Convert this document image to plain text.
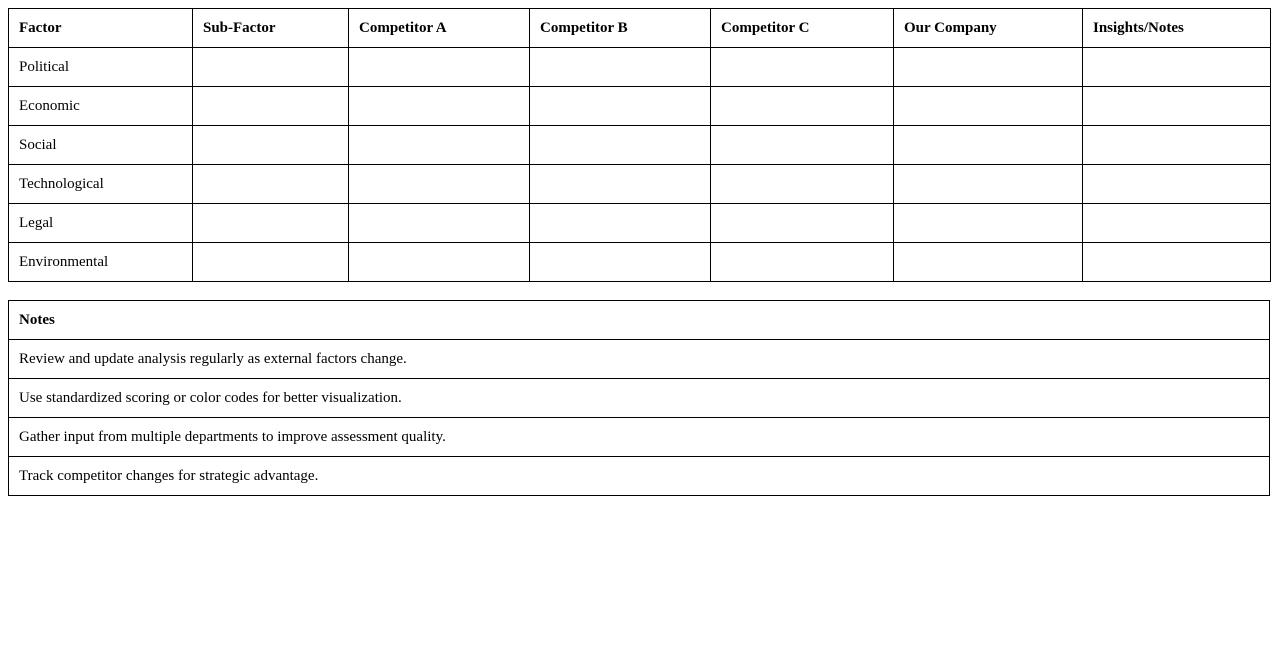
Factor	Sub-Factor	Competitor A	Competitor B	Competitor C	Our Company	Insights/Notes
Political						
Economic						
Social						
Technological						
Legal						
Environmental						
Notes
Review and update analysis regularly as external factors change.
Use standardized scoring or color codes for better visualization.
Gather input from multiple departments to improve assessment quality.
Track competitor changes for strategic advantage.
